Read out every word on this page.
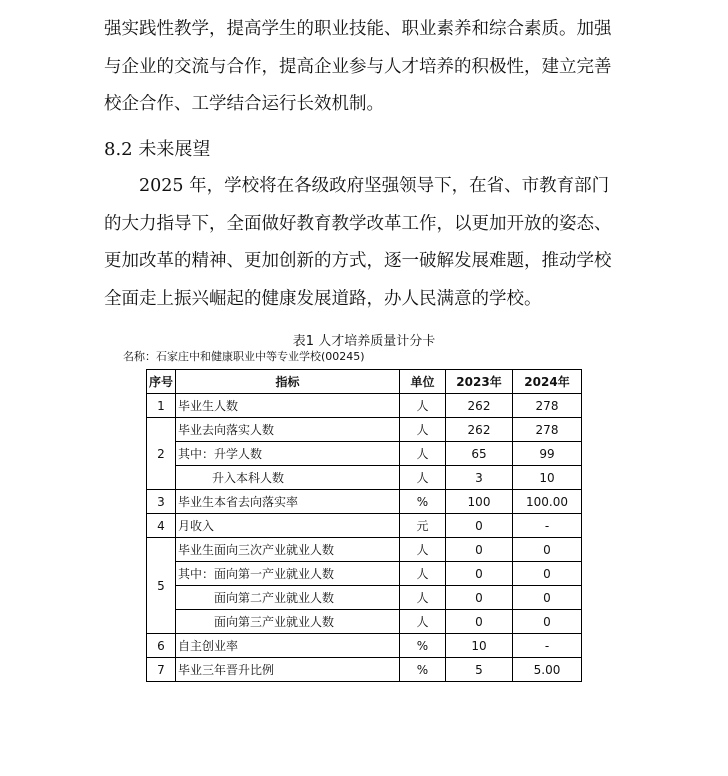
强实践性教学，提高学生的职业技能、职业素养和综合素质。加强与企业的交流与合作，提高企业参与人才培养的积极性，建立完善校企合作、工学结合运行长效机制。

8.2 未来展望

2025 年，学校将在各级政府坚强领导下，在省、市教育部门的大力指导下，全面做好教育教学改革工作，以更加开放的姿态、更加改革的精神、更加创新的方式，逐一破解发展难题，推动学校全面走上振兴崛起的健康发展道路，办人民满意的学校。

表1 人才培养质量计分卡
名称：石家庄中和健康职业中等专业学校(00245)
序号	指标	单位	2023年	2024年
1	毕业生人数	人	262	278
2	毕业去向落实人数	人	262	278
	其中：升学人数	人	65	99
	升入本科人数	人	3	10
3	毕业生本省去向落实率	%	100	100.00
4	月收入	元	0	-
5	毕业生面向三次产业就业人数	人	0	0
	其中：面向第一产业就业人数	人	0	0
	面向第二产业就业人数	人	0	0
	面向第三产业就业人数	人	0	0
6	自主创业率	%	10	-
7	毕业三年晋升比例	%	5	5.00
